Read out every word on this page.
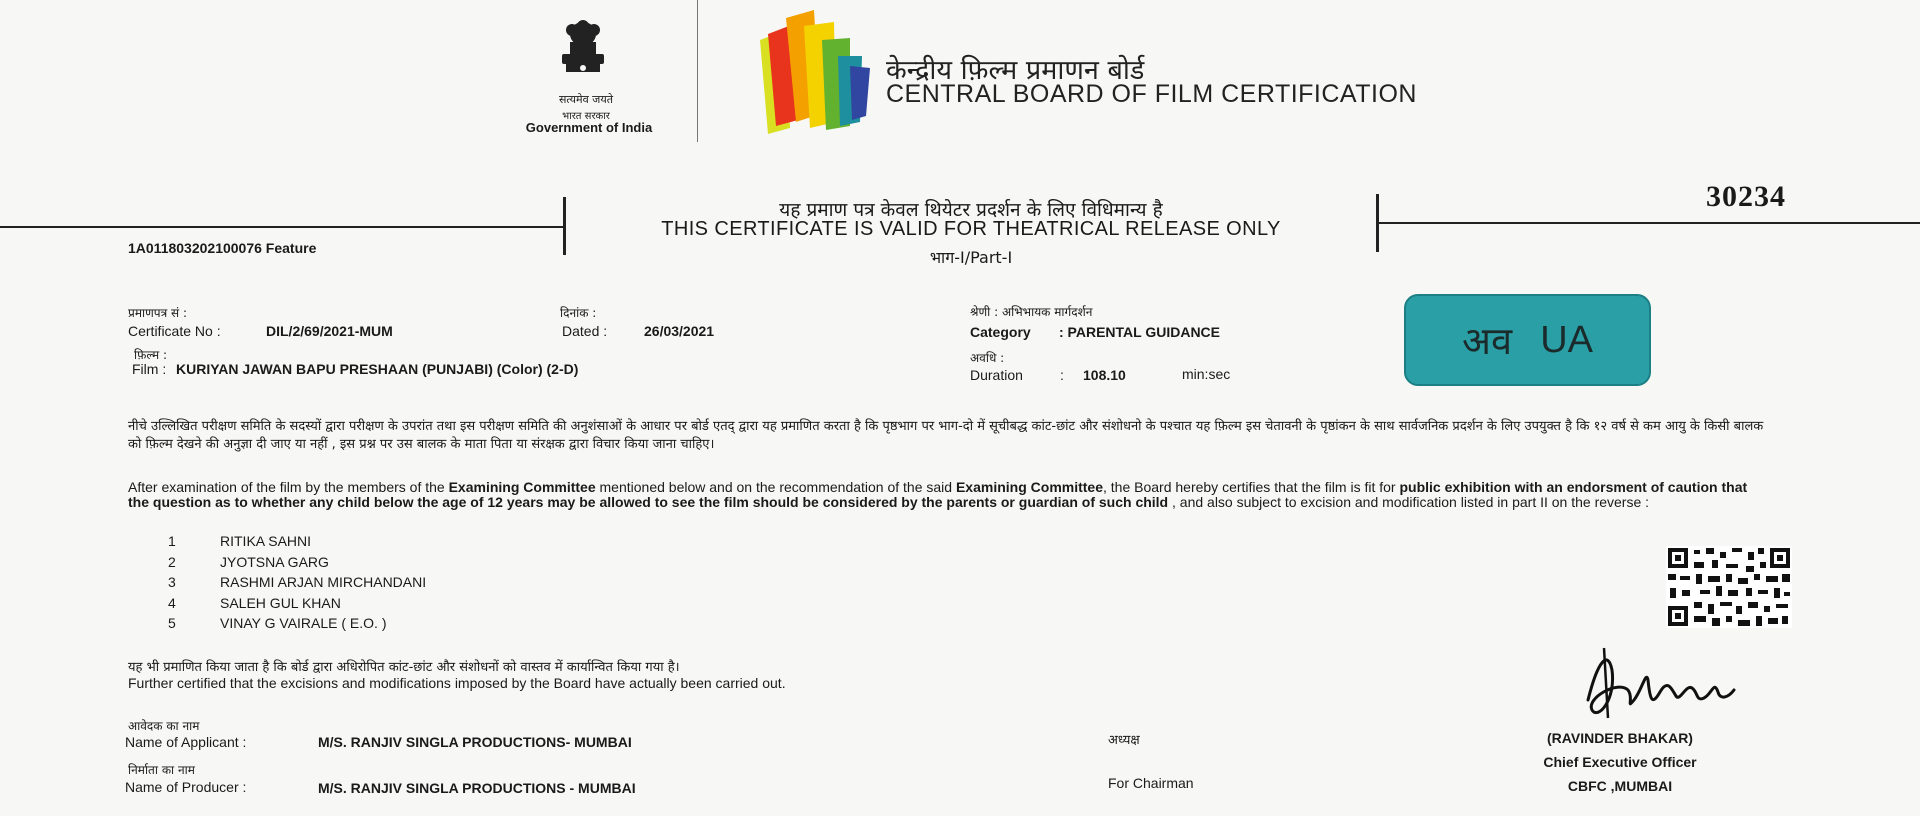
सत्यमेव जयते
भारत सरकार
Government of India
केन्द्रीय फ़िल्म प्रमाणन बोर्ड
CENTRAL BOARD OF FILM CERTIFICATION
यह प्रमाण पत्र केवल थियेटर प्रदर्शन के लिए विधिमान्य है
THIS CERTIFICATE IS VALID FOR THEATRICAL RELEASE ONLY
भाग-I/Part-I
30234
1A011803202100076 Feature
प्रमाणपत्र सं :
Certificate No :	DIL/2/69/2021-MUM
दिनांक :
Dated :	26/03/2021
श्रेणी : अभिभायक मार्गदर्शन
Category : PARENTAL GUIDANCE
फ़िल्म :
Film : KURIYAN JAWAN BAPU PRESHAAN (PUNJABI) (Color) (2-D)
अवधि :
Duration	: 108.10	min:sec
अव UA
नीचे उल्लिखित परीक्षण समिति के सदस्यों द्वारा परीक्षण के उपरांत तथा इस परीक्षण समिति की अनुशंसाओं के आधार पर बोर्ड एतद् द्वारा यह प्रमाणित करता है कि पृष्ठभाग पर भाग-दो में सूचीबद्ध कांट-छांट और संशोधनो के पश्चात यह फ़िल्म इस चेतावनी के पृष्ठांकन के साथ सार्वजनिक प्रदर्शन के लिए उपयुक्त है कि १२ वर्ष से कम आयु के किसी बालक को फ़िल्म देखने की अनुज्ञा दी जाए या नहीं , इस प्रश्न पर उस बालक के माता पिता या संरक्षक द्वारा विचार किया जाना चाहिए।
After examination of the film by the members of the Examining Committee mentioned below and on the recommendation of the said Examining Committee, the Board hereby certifies that the film is fit for public exhibition with an endorsment of caution that the question as to whether any child below the age of 12 years may be allowed to see the film should be considered by the parents or guardian of such child , and also subject to excision and modification listed in part II on the reverse :
1	RITIKA SAHNI
2	JYOTSNA GARG
3	RASHMI ARJAN MIRCHANDANI
4	SALEH GUL KHAN
5	VINAY G VAIRALE ( E.O. )
यह भी प्रमाणित किया जाता है कि बोर्ड द्वारा अधिरोपित कांट-छांट और संशोधनों को वास्तव में कार्यान्वित किया गया है।
Further certified that the excisions and modifications imposed by the Board have actually been carried out.
आवेदक का नाम
Name of Applicant :	M/S. RANJIV SINGLA PRODUCTIONS- MUMBAI
निर्माता का नाम
Name of Producer :	M/S. RANJIV SINGLA PRODUCTIONS - MUMBAI
अध्यक्ष
For Chairman
(RAVINDER BHAKAR)
Chief Executive Officer
CBFC ,MUMBAI
